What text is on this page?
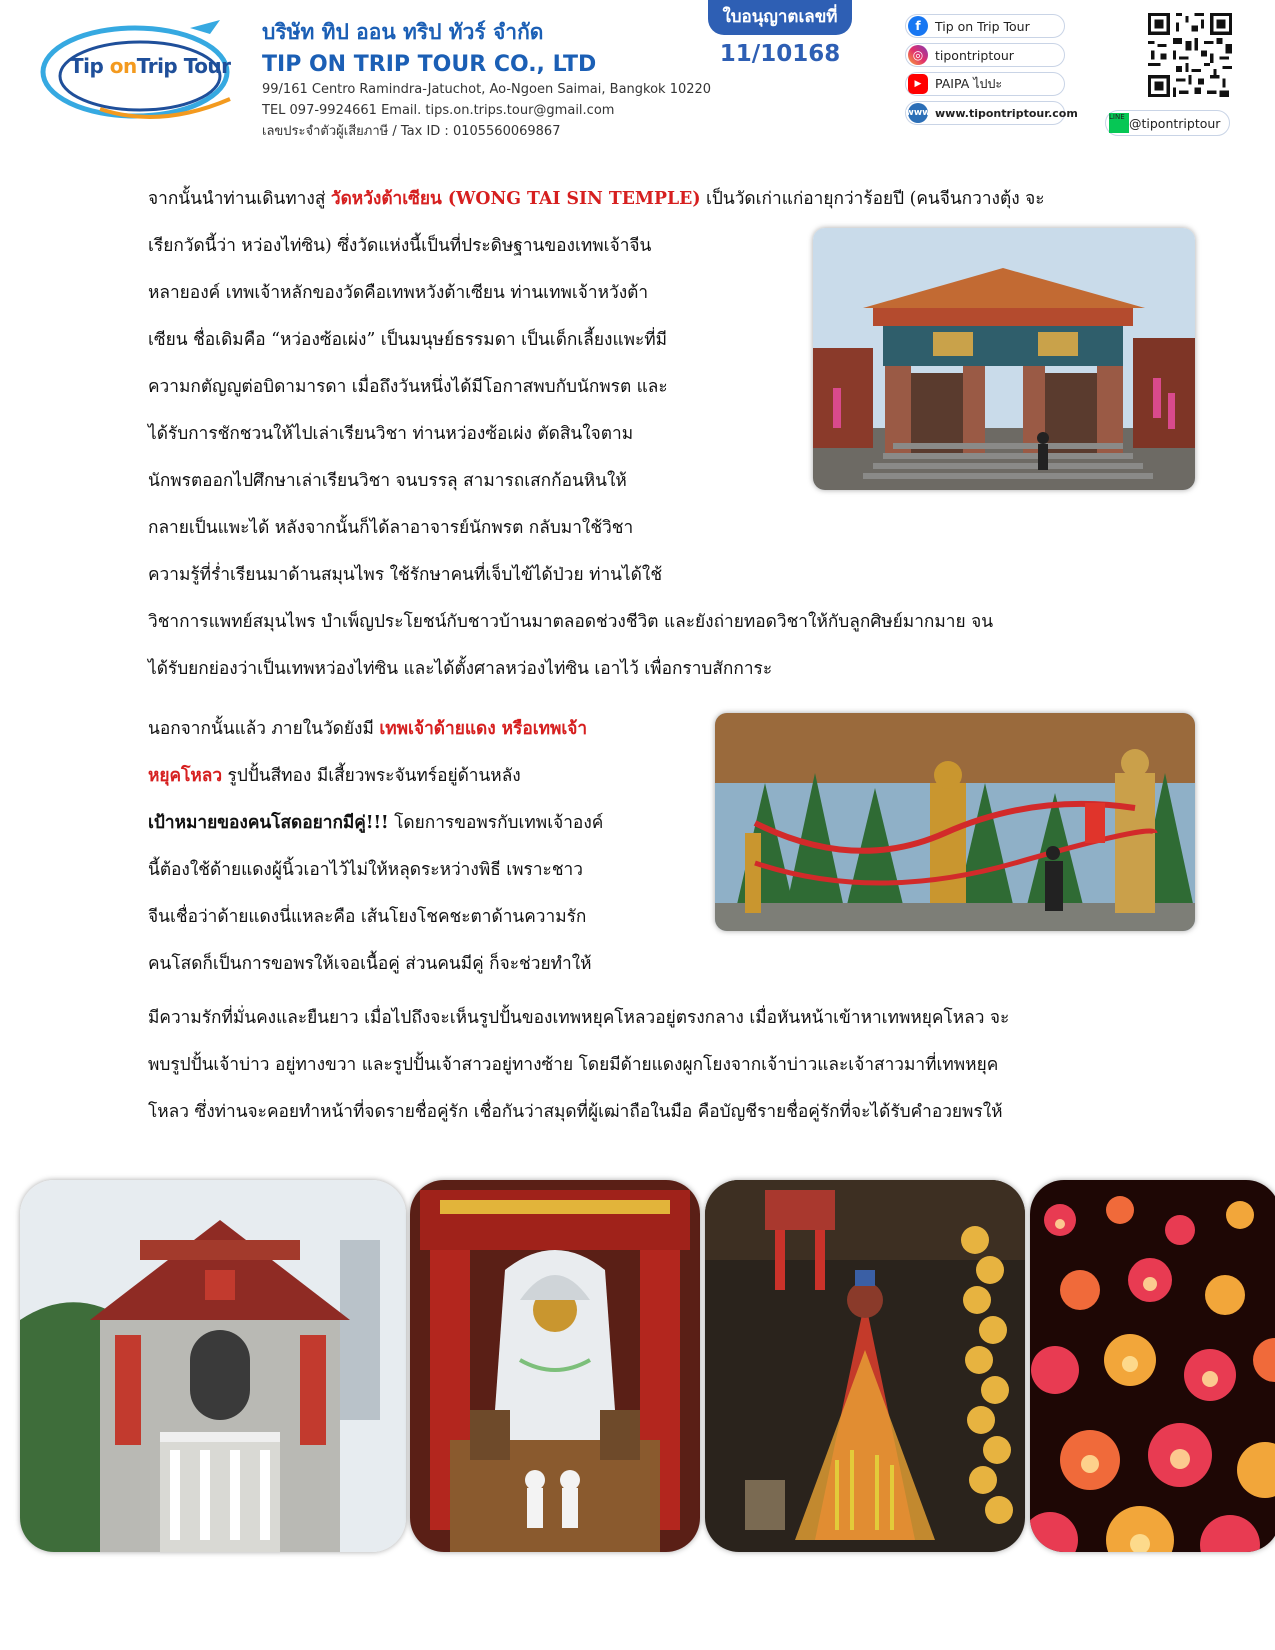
Tip onTrip Tour
บริษัท ทิป ออน ทริป ทัวร์ จำกัด
TIP ON TRIP TOUR CO., LTD
99/161 Centro Ramindra-Jatuchot, Ao-Ngoen Saimai, Bangkok 10220
TEL 097-9924661 Email. tips.on.trips.tour@gmail.com
เลขประจำตัวผู้เสียภาษี / Tax ID : 0105560069867
ใบอนุญาตเลขที่
11/10168
f	Tip on Trip Tour
◎ tipontriptour
▶	PAIPA ไปปะ
www www.tipontriptour.com	LINE @tipontriptour
จากนั้นนำท่านเดินทางสู่ วัดหวังต้าเซียน (WONG TAI SIN TEMPLE) เป็นวัดเก่าแก่อายุกว่าร้อยปี (คนจีนกวางตุ้ง จะ
เรียกวัดนี้ว่า หว่องไท่ซิน) ซึ่งวัดแห่งนี้เป็นที่ประดิษฐานของเทพเจ้าจีน
หลายองค์ เทพเจ้าหลักของวัดคือเทพหวังต้าเซียน ท่านเทพเจ้าหวังต้า
เซียน ชื่อเดิมคือ “หว่องซ้อเผ่ง” เป็นมนุษย์ธรรมดา เป็นเด็กเลี้ยงแพะที่มี
ความกตัญญูต่อบิดามารดา เมื่อถึงวันหนึ่งได้มีโอกาสพบกับนักพรต และ
ได้รับการชักชวนให้ไปเล่าเรียนวิชา ท่านหว่องซ้อเผ่ง ตัดสินใจตาม
นักพรตออกไปศึกษาเล่าเรียนวิชา จนบรรลุ สามารถเสกก้อนหินให้
กลายเป็นแพะได้ หลังจากนั้นก็ได้ลาอาจารย์นักพรต กลับมาใช้วิชา
ความรู้ที่ร่ำเรียนมาด้านสมุนไพร ใช้รักษาคนที่เจ็บไข้ได้ป่วย ท่านได้ใช้
วิชาการแพทย์สมุนไพร บำเพ็ญประโยชน์กับชาวบ้านมาตลอดช่วงชีวิต และยังถ่ายทอดวิชาให้กับลูกศิษย์มากมาย จน
ได้รับยกย่องว่าเป็นเทพหว่องไท่ซิน และได้ตั้งศาลหว่องไท่ซิน เอาไว้ เพื่อกราบสักการะ
นอกจากนั้นแล้ว ภายในวัดยังมี เทพเจ้าด้ายแดง หรือเทพเจ้า
หยุคโหลว รูปปั้นสีทอง มีเสี้ยวพระจันทร์อยู่ด้านหลัง
เป้าหมายของคนโสดอยากมีคู่!!! โดยการขอพรกับเทพเจ้าองค์
นี้ต้องใช้ด้ายแดงผู้นิ้วเอาไว้ไม่ให้หลุดระหว่างพิธี เพราะชาว
จีนเชื่อว่าด้ายแดงนี่แหละคือ เส้นโยงโชคชะตาด้านความรัก
คนโสดก็เป็นการขอพรให้เจอเนื้อคู่ ส่วนคนมีคู่ ก็จะช่วยทำให้
มีความรักที่มั่นคงและยืนยาว เมื่อไปถึงจะเห็นรูปปั้นของเทพหยุคโหลวอยู่ตรงกลาง เมื่อหันหน้าเข้าหาเทพหยุคโหลว จะ
พบรูปปั้นเจ้าบ่าว อยู่ทางขวา และรูปปั้นเจ้าสาวอยู่ทางซ้าย โดยมีด้ายแดงผูกโยงจากเจ้าบ่าวและเจ้าสาวมาที่เทพหยุค
โหลว ซึ่งท่านจะคอยทำหน้าที่จดรายชื่อคู่รัก เชื่อกันว่าสมุดที่ผู้เฒ่าถือในมือ คือบัญชีรายชื่อคู่รักที่จะได้รับคำอวยพรให้
